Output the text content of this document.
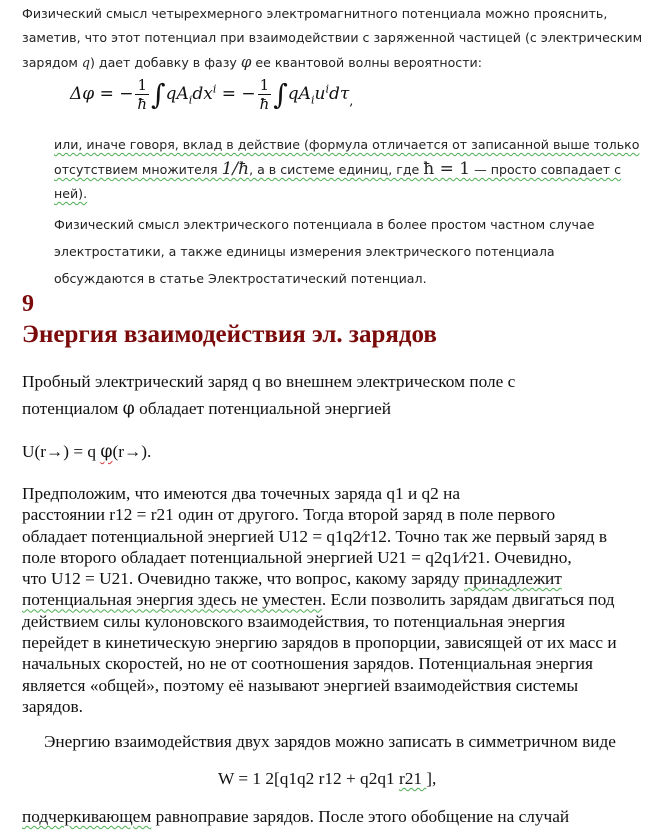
Физический смысл четырехмерного электромагнитного потенциала можно прояснить,
заметив, что этот потенциал при взаимодействии с заряженной частицей (с электрическим
зарядом q) дает добавку в фазу φ ее квантовой волны вероятности:
Δφ = − $\frac{1}{ħ} \int qA_idx^i$ = − $\frac{1}{ħ} \int qA_iu^id\tau_,$
или, иначе говоря, вклад в действие (формула отличается от записанной выше только
отсутствием множителя 1/ħ, а в системе единиц, где ħ = 1 — просто совпадает с
ней).
Физический смысл электрического потенциала в более простом частном случае
электростатики, а также единицы измерения электрического потенциала
обсуждаются в статье Электростатический потенциал.
9
Энергия взаимодействия эл. зарядов
Пробный электрический заряд q во внешнем электрическом поле с
потенциалом φ обладает потенциальной энергией
U(r→) = q φ(r→).
Предположим, что имеются два точечных заряда q1 и q2 на
расстоянии r12 = r21 один от другого. Тогда второй заряд в поле первого
обладает потенциальной энергией U12 = q1q2⁄r12. Точно так же первый заряд в
поле второго обладает потенциальной энергией U21 = q2q1⁄r21. Очевидно,
что U12 = U21. Очевидно также, что вопрос, какому заряду принадлежит
потенциальная энергия здесь не уместен. Если позволить зарядам двигаться под
действием силы кулоновского взаимодействия, то потенциальная энергия
перейдет в кинетическую энергию зарядов в пропорции, зависящей от их масс и
начальных скоростей, но не от соотношения зарядов. Потенциальная энергия
является «общей», поэтому её называют энергией взаимодействия системы
зарядов.
Энергию взаимодействия двух зарядов можно записать в симметричном виде
W = 1 2[q1q2 r12 + q2q1 r21 ],
подчеркивающем равноправие зарядов. После этого обобщение на случай
